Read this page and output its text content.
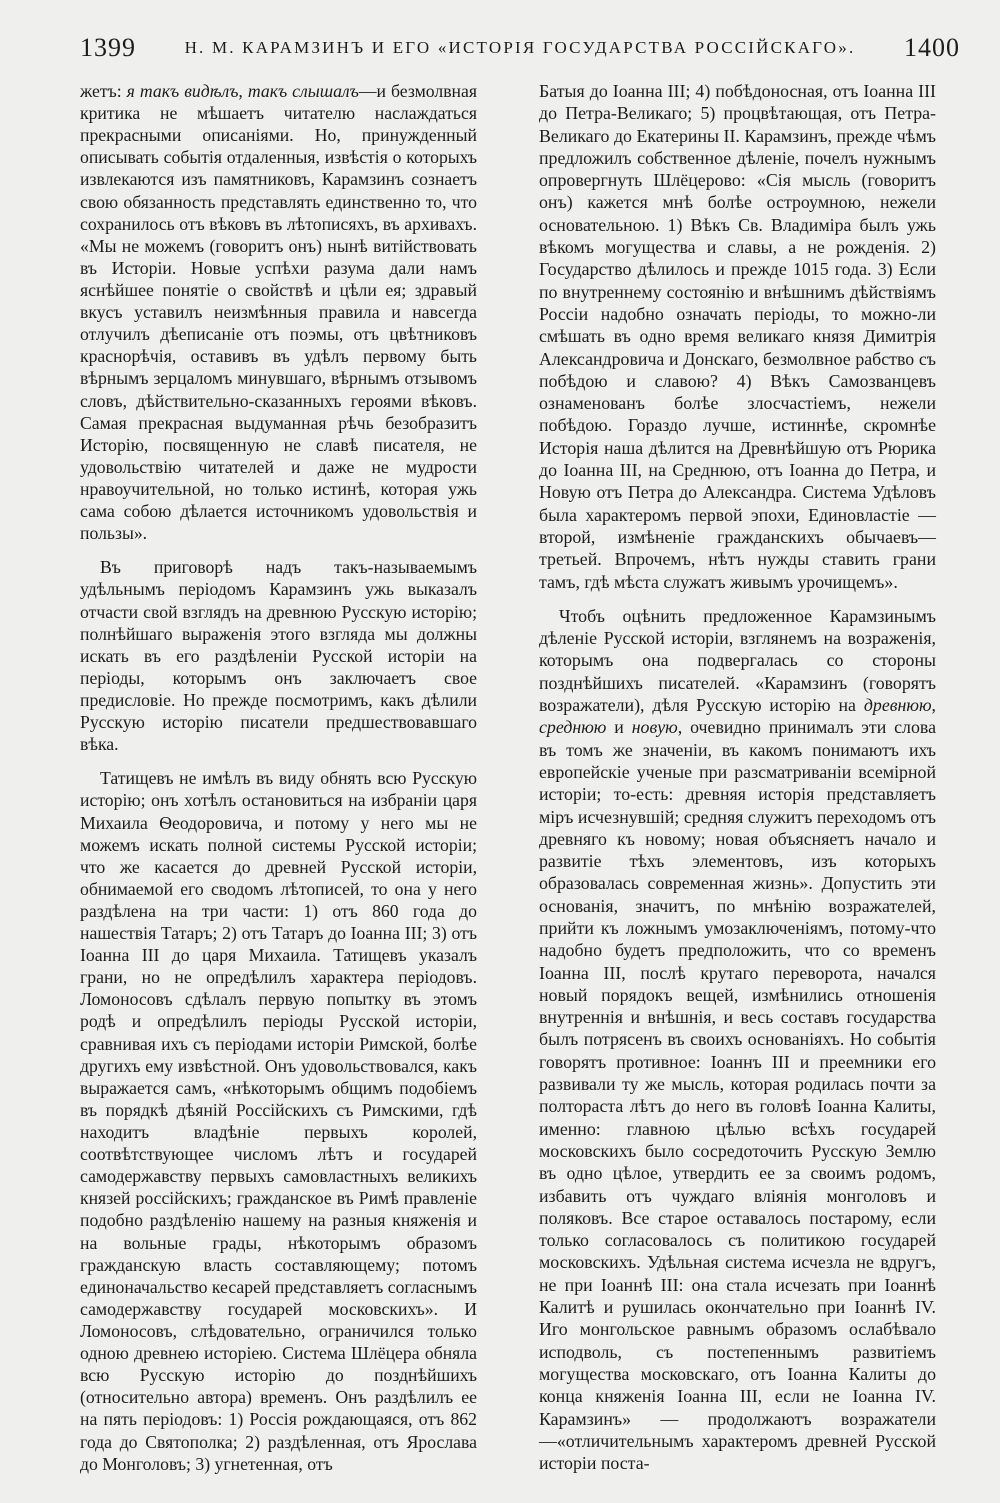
1399	Н. М. КАРАМЗИНЪ И ЕГО «ИСТОРІЯ ГОСУДАРСТВА РОССІЙСКАГО».	1400

жетъ: я такъ видѣлъ, такъ слышалъ—и безмолвная критика не мѣшаетъ читателю наслаждаться прекрасными описаніями. Но, принужденный описывать событія отдаленныя, извѣстія о которыхъ извлекаются изъ памятниковъ, Карамзинъ сознаетъ свою обязанность представлять единственно то, что сохранилось отъ вѣковъ въ лѣтописяхъ, въ архивахъ. «Мы не можемъ (говоритъ онъ) нынѣ витійствовать въ Исторіи. Новые успѣхи разума дали намъ яснѣйшее понятіе о свойствѣ и цѣли ея; здравый вкусъ уставилъ неизмѣнныя правила и навсегда отлучилъ дѣеписаніе отъ поэмы, отъ цвѣтниковъ краснорѣчія, оставивъ въ удѣлъ первому быть вѣрнымъ зерцаломъ минувшаго, вѣрнымъ отзывомъ словъ, дѣйствительно-сказанныхъ героями вѣковъ. Самая прекрасная выдуманная рѣчь безобразитъ Исторію, посвященную не славѣ писателя, не удовольствію читателей и даже не мудрости нравоучительной, но только истинѣ, которая ужь сама собою дѣлается источникомъ удовольствія и пользы».

Въ приговорѣ надъ такъ-называемымъ удѣльнымъ періодомъ Карамзинъ ужь выказалъ отчасти свой взглядъ на древнюю Русскую исторію; полнѣйшаго выраженія этого взгляда мы должны искать въ его раздѣленіи Русской исторіи на періоды, которымъ онъ заключаетъ свое предисловіе. Но прежде посмотримъ, какъ дѣлили Русскую исторію писатели предшествовавшаго вѣка.

Татищевъ не имѣлъ въ виду обнять всю Русскую исторію; онъ хотѣлъ остановиться на избраніи царя Михаила Ѳеодоровича, и потому у него мы не можемъ искать полной системы Русской исторіи; что же касается до древней Русской исторіи, обнимаемой его сводомъ лѣтописей, то она у него раздѣлена на три части: 1) отъ 860 года до нашествія Татаръ; 2) отъ Татаръ до Іоанна III; 3) отъ Іоанна III до царя Михаила. Татищевъ указалъ грани, но не опредѣлилъ характера періодовъ. Ломоносовъ сдѣлалъ первую попытку въ этомъ родѣ и опредѣлилъ періоды Русской исторіи, сравнивая ихъ съ періодами исторіи Римской, болѣе другихъ ему извѣстной. Онъ удовольствовался, какъ выражается самъ, «нѣкоторымъ общимъ подобіемъ въ порядкѣ дѣяній Россійскихъ съ Римскими, гдѣ находитъ владѣніе первыхъ королей, соотвѣтствующее числомъ лѣтъ и государей самодержавству первыхъ самовластныхъ великихъ князей россійскихъ; гражданское въ Римѣ правленіе подобно раздѣленію нашему на разныя княженія и на вольные грады, нѣкоторымъ образомъ гражданскую власть составляющему; потомъ единоначальство кесарей представляетъ согласнымъ самодержавству государей московскихъ». И Ломоносовъ, слѣдовательно, ограничился только одною древнею исторіею. Система Шлёцера обняла всю Русскую исторію до позднѣйшихъ (относительно автора) временъ. Онъ раздѣлилъ ее на пять періодовъ: 1) Россія рождающаяся, отъ 862 года до Святополка; 2) раздѣленная, отъ Ярослава до Монголовъ; 3) угнетенная, отъ

Батыя до Іоанна III; 4) побѣдоносная, отъ Іоанна III до Петра-Великаго; 5) процвѣтающая, отъ Петра-Великаго до Екатерины II. Карамзинъ, прежде чѣмъ предложилъ собственное дѣленіе, почелъ нужнымъ опровергнуть Шлёцерово: «Сія мысль (говоритъ онъ) кажется мнѣ болѣе остроумною, нежели основательною. 1) Вѣкъ Св. Владиміра былъ ужь вѣкомъ могущества и славы, а не рожденія. 2) Государство дѣлилось и прежде 1015 года. 3) Если по внутреннему состоянію и внѣшнимъ дѣйствіямъ Россіи надобно означать періоды, то можно-ли смѣшать въ одно время великаго князя Димитрія Александровича и Донскаго, безмолвное рабство съ побѣдою и славою? 4) Вѣкъ Самозванцевъ ознаменованъ болѣе злосчастіемъ, нежели побѣдою. Гораздо лучше, истиннѣе, скромнѣе Исторія наша дѣлится на Древнѣйшую отъ Рюрика до Іоанна III, на Среднюю, отъ Іоанна до Петра, и Новую отъ Петра до Александра. Система Удѣловъ была характеромъ первой эпохи, Единовластіе — второй, измѣненіе гражданскихъ обычаевъ—третьей. Впрочемъ, нѣтъ нужды ставить грани тамъ, гдѣ мѣста служатъ живымъ урочищемъ».

Чтобъ оцѣнить предложенное Карамзинымъ дѣленіе Русской исторіи, взглянемъ на возраженія, которымъ она подвергалась со стороны позднѣйшихъ писателей. «Карамзинъ (говорятъ возражатели), дѣля Русскую исторію на древнюю, среднюю и новую, очевидно принималъ эти слова въ томъ же значеніи, въ какомъ понимаютъ ихъ европейскіе ученые при разсматриваніи всемірной исторіи; то-есть: древняя исторія представляетъ міръ исчезнувшій; средняя служитъ переходомъ отъ древняго къ новому; новая объясняетъ начало и развитіе тѣхъ элементовъ, изъ которыхъ образовалась современная жизнь». Допустить эти основанія, значитъ, по мнѣнію возражателей, прийти къ ложнымъ умозаключеніямъ, потому-что надобно будетъ предположить, что со временъ Іоанна III, послѣ крутаго переворота, начался новый порядокъ вещей, измѣнились отношенія внутреннія и внѣшнія, и весь составъ государства былъ потрясенъ въ своихъ основаніяхъ. Но событія говорятъ противное: Іоаннъ III и преемники его развивали ту же мысль, которая родилась почти за полтораста лѣтъ до него въ головѣ Іоанна Калиты, именно: главною цѣлью всѣхъ государей московскихъ было сосредоточить Русскую Землю въ одно цѣлое, утвердить ее за своимъ родомъ, избавить отъ чуждаго вліянія монголовъ и поляковъ. Все старое оставалось постарому, если только согласовалось съ политикою государей московскихъ. Удѣльная система исчезла не вдругъ, не при Іоаннѣ III: она стала исчезать при Іоаннѣ Калитѣ и рушилась окончательно при Іоаннѣ IV. Иго монгольское равнымъ образомъ ослабѣвало исподволь, съ постепеннымъ развитіемъ могущества московскаго, отъ Іоанна Калиты до конца княженія Іоанна III, если не Іоанна IV. Карамзинъ» — продолжаютъ возражатели—«отличительнымъ характеромъ древней Русской исторіи поста-
